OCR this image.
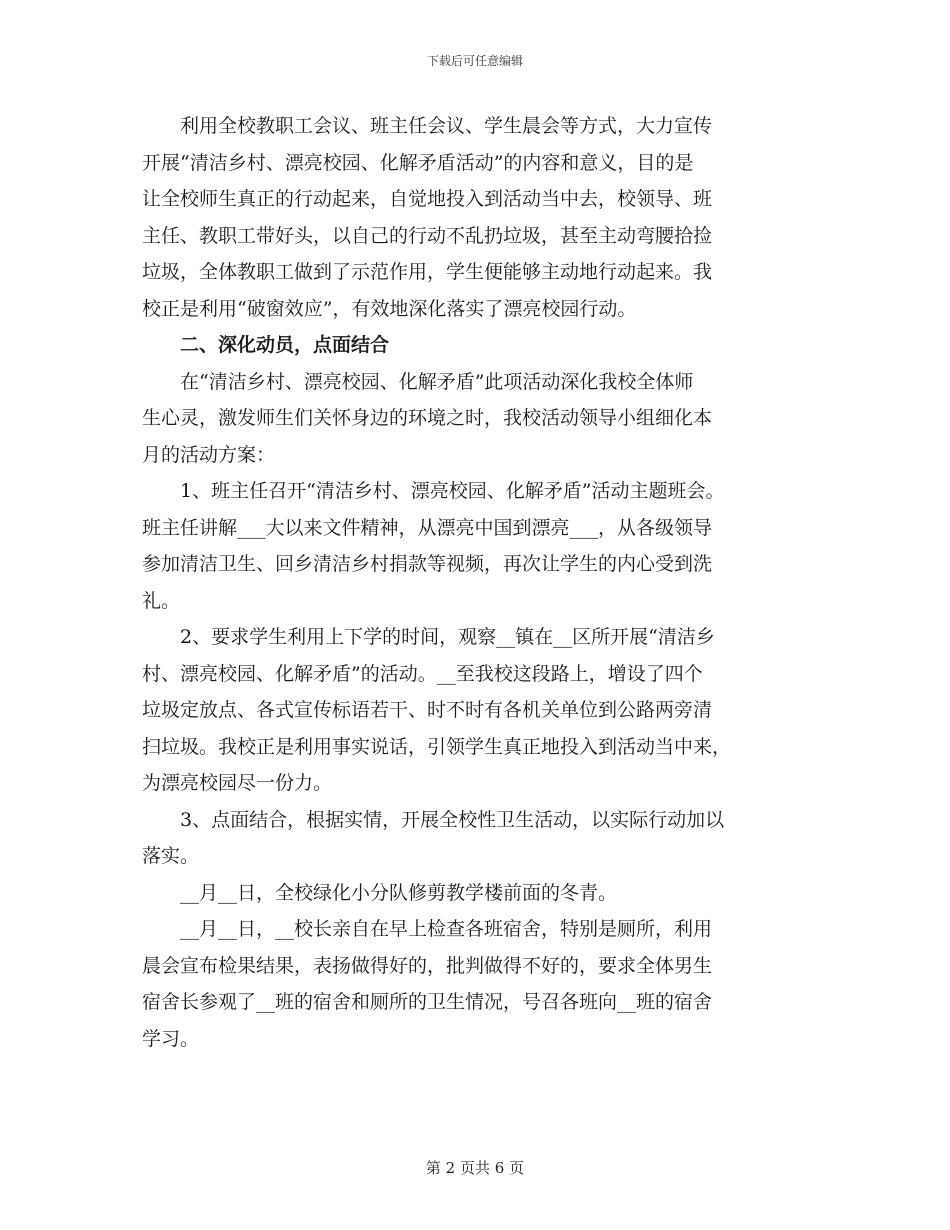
下载后可任意编辑

利用全校教职工会议、班主任会议、学生晨会等方式，大力宣传
开展“清洁乡村、漂亮校园、化解矛盾活动”的内容和意义，目的是
让全校师生真正的行动起来，自觉地投入到活动当中去，校领导、班
主任、教职工带好头，以自己的行动不乱扔垃圾，甚至主动弯腰拾捡
垃圾，全体教职工做到了示范作用，学生便能够主动地行动起来。我
校正是利用“破窗效应”，有效地深化落实了漂亮校园行动。

二、深化动员，点面结合

在“清洁乡村、漂亮校园、化解矛盾”此项活动深化我校全体师
生心灵，激发师生们关怀身边的环境之时，我校活动领导小组细化本
月的活动方案：

1、班主任召开“清洁乡村、漂亮校园、化解矛盾”活动主题班会。
班主任讲解___大以来文件精神，从漂亮中国到漂亮___，从各级领导
参加清洁卫生、回乡清洁乡村捐款等视频，再次让学生的内心受到洗
礼。

2、要求学生利用上下学的时间，观察__镇在__区所开展“清洁乡
村、漂亮校园、化解矛盾”的活动。__至我校这段路上，增设了四个
垃圾定放点、各式宣传标语若干、时不时有各机关单位到公路两旁清
扫垃圾。我校正是利用事实说话，引领学生真正地投入到活动当中来，
为漂亮校园尽一份力。

3、点面结合，根据实情，开展全校性卫生活动，以实际行动加以
落实。

__月__日，全校绿化小分队修剪教学楼前面的冬青。

__月__日，__校长亲自在早上检查各班宿舍，特别是厕所，利用
晨会宣布检果结果，表扬做得好的，批判做得不好的，要求全体男生
宿舍长参观了__班的宿舍和厕所的卫生情况，号召各班向__班的宿舍
学习。

第 2 页共 6 页
